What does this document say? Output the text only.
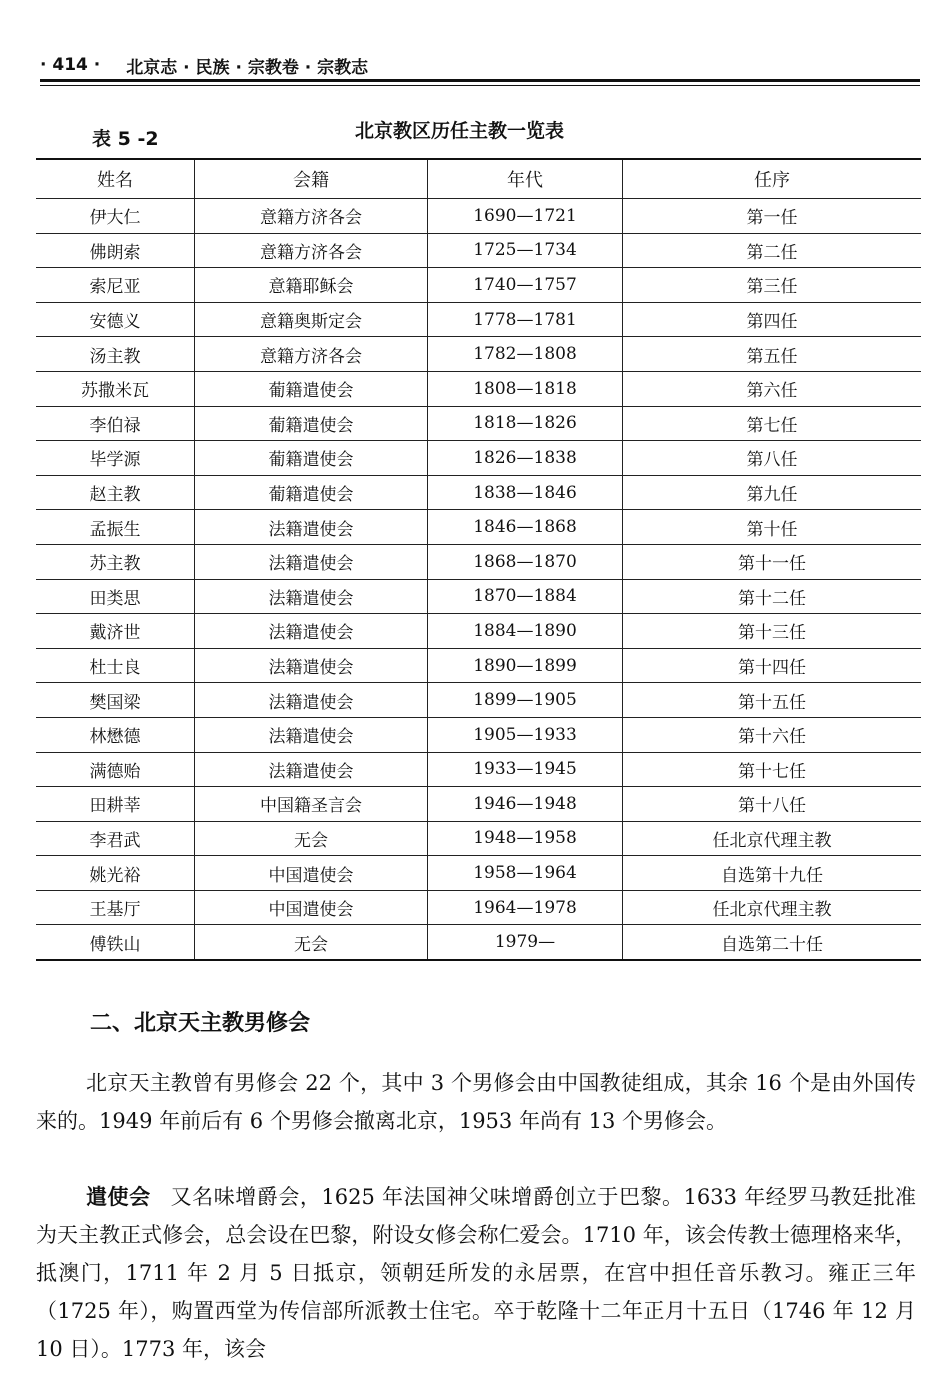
· 414 · 北京志 · 民族 · 宗教卷 · 宗教志
表 5 -2	北京教区历任主教一览表
姓名	会籍	年代	任序
伊大仁	意籍方济各会	1690—1721	第一任
佛朗索	意籍方济各会	1725—1734	第二任
索尼亚	意籍耶稣会	1740—1757	第三任
安德义	意籍奥斯定会	1778—1781	第四任
汤主教	意籍方济各会	1782—1808	第五任
苏撒米瓦	葡籍遣使会	1808—1818	第六任
李伯禄	葡籍遣使会	1818—1826	第七任
毕学源	葡籍遣使会	1826—1838	第八任
赵主教	葡籍遣使会	1838—1846	第九任
孟振生	法籍遣使会	1846—1868	第十任
苏主教	法籍遣使会	1868—1870	第十一任
田类思	法籍遣使会	1870—1884	第十二任
戴济世	法籍遣使会	1884—1890	第十三任
杜士良	法籍遣使会	1890—1899	第十四任
樊国梁	法籍遣使会	1899—1905	第十五任
林懋德	法籍遣使会	1905—1933	第十六任
满德贻	法籍遣使会	1933—1945	第十七任
田耕莘	中国籍圣言会	1946—1948	第十八任
李君武	无会	1948—1958	任北京代理主教
姚光裕	中国遣使会	1958—1964	自选第十九任
王基厅	中国遣使会	1964—1978	任北京代理主教
傅铁山	无会	1979—	自选第二十任
二、北京天主教男修会

北京天主教曾有男修会 22 个，其中 3 个男修会由中国教徒组成，其余 16 个是由外国传来的。1949 年前后有 6 个男修会撤离北京，1953 年尚有 13 个男修会。

遣使会 又名味增爵会，1625 年法国神父味增爵创立于巴黎。1633 年经罗马教廷批准为天主教正式修会，总会设在巴黎，附设女修会称仁爱会。1710 年，该会传教士德理格来华，抵澳门，1711 年 2 月 5 日抵京，领朝廷所发的永居票，在宫中担任音乐教习。雍正三年（1725 年），购置西堂为传信部所派教士住宅。卒于乾隆十二年正月十五日（1746 年 12 月 10 日）。1773 年，该会
